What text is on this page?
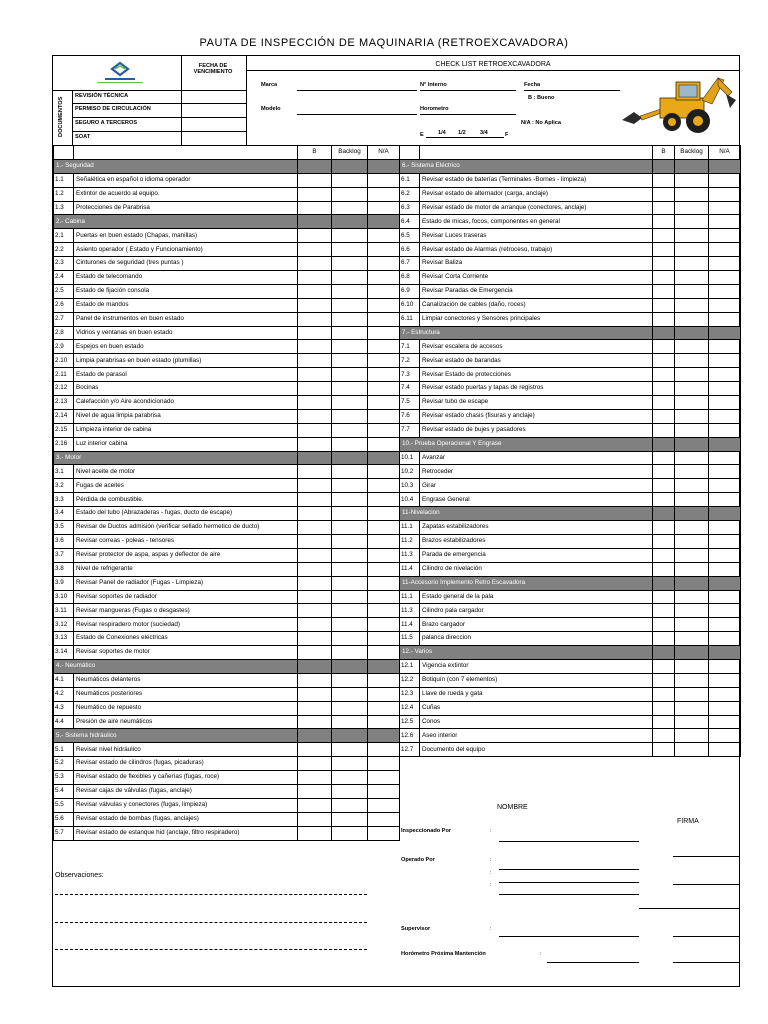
PAUTA DE INSPECCIÓN DE MAQUINARIA (RETROEXCAVADORA)
FECHA DE VENCIMIENTO
DOCUMENTOS
REVISIÓN TÉCNICA
PERMISO DE CIRCULACIÓN
SEGURO A TERCEROS
SOAT
CHECK LIST RETROEXCAVADORA
Marca
Modelo
N° Interno
Horometro
Fecha
B : Bueno
N/A : No Aplica
E	1/4 1/2	3/4	F
		B	Backlog	N/A
1.- Seguridad				
1.1	Señalética en español o idioma operador			
1.2	Extintor de acuerdo al equipo.			
1.3	Protecciones de Parabrisa			
2.- Cabina				
2.1	Puertas en buen estado (Chapas, manillas)			
2.2	Asiento operador ( Estado y Funcionamiento)			
2.3	Cinturones de seguridad (tres puntas )			
2.4	Estado de telecomando			
2.5	Estado de fijación consola			
2.6	Estado de mandos			
2.7	Panel de instrumentos en buen estado			
2.8	Vidrios y ventanas en buen estado			
2.9	Espejos en buen estado			
2.10	Limpia parabrisas en buen estado (plumillas)			
2.11	Estado de parasol			
2.12	Bocinas			
2.13	Calefacción y/o Aire acondicionado			
2.14	Nivel de agua limpia parabrisa			
2.15	Limpieza interior de cabina			
2.16	Luz interior cabina			
3.- Motor				
3.1	Nivel aceite de motor			
3.2	Fugas de aceites			
3.3	Pérdida de combustible.			
3.4	Estado del tubo (Abrazaderas - fugas, ducto de escape)			
3.5	Revisar de Ductos admisión (verificar sellado hermetico de ducto)			
3.6	Revisar correas - poleas - tensores			
3.7	Revisar protector de aspa, aspas y deflector de aire			
3.8	Nivel de refrigerante			
3.9	Revisar Panel de radiador (Fugas - Limpieza)			
3.10	Revisar soportes de radiador			
3.11	Revisar mangueras (Fugas o desgastes)			
3.12	Revisar respiradero motor (suciedad)			
3.13	Estado de Conexiones eléctricas			
3.14	Revisar soportes de motor			
4.- Neumático				
4.1	Neumáticos delanteros			
4.2	Neumáticos posteriores			
4.3	Neumático de repuesto			
4.4	Presión de aire neumáticos			
5.- Sistema hidráulico				
5.1	Revisar nivel hidráulico			
5.2	Revisar estado de cilindros (fugas, picaduras)			
5.3	Revisar estado de flexibles y cañerías (fugas, roce)			
5.4	Revisar cajas de válvulas (fugas, anclaje)			
5.5	Revisar válvulas y conectores (fugas, limpieza)			
5.6	Revisar estado de bombas (fugas, anclajes)			
5.7	Revisar estado de estanque hid (anclaje, filtro respiradero)			
		B	Backlog	N/A
6.- Sistema Eléctrico				
6.1	Revisar estado de baterías (Terminales -Bornes - limpieza)			
6.2	Revisar estado de alternador (carga, anclaje)			
6.3	Revisar estado de motor de arranque (conectores, anclaje)			
6.4	Estado de micas, focos, componentes en general			
6.5	Revisar Luces traseras			
6.6	Revisar estado de Alarmas (retroceso, trabajo)			
6.7	Revisar Baliza			
6.8	Revisar Corta Corriente			
6.9	Revisar Paradas de Emergencia			
6.10	Canalización de cables (daño, roces)			
6.11	Limpiar conectores y Sensores principales			
7.- Estructura				
7.1	Revisar escalera de accesos			
7.2	Revisar estado de barandas			
7.3	Revisar Estado de protecciones			
7.4	Revisar estado puertas y tapas de registros			
7.5	Revisar tubo de escape			
7.6	Revisar estado chasis (fisuras y anclaje)			
7.7	Revisar estado de bujes y pasadores			
10.- Prueba Operacional Y Engrase				
10.1	Avanzar			
10.2	Retroceder			
10.3	Girar			
10.4	Engrase General			
11-Nivelacion				
11.1	Zapatas estabilizadores			
11.2	Brazos estabilizadores			
11.3	Parada de emergencia			
11.4	Cilindro de nivelación			
11-Accesorio Implemento Retro Escavadora				
11.1	Estado general de la pala			
11.3	Cilindro pala cargador			
11.4	Brazo cargador			
11.5	palanca direccion			
12.- Varios				
12.1	Vigencia extintor			
12.2	Botiquín (con 7 elementos)			
12.3	Llave de rueda y gata			
12.4	Cuñas			
12.5	Conos			
12.6	Aseo interior			
12.7	Documento del equipo			
Observaciones:
NOMBRE
FIRMA
Inspeccionado Por	:
Operado Por	:
:
:
Supervisor	:
Horómetro Próxima Mantención	:
